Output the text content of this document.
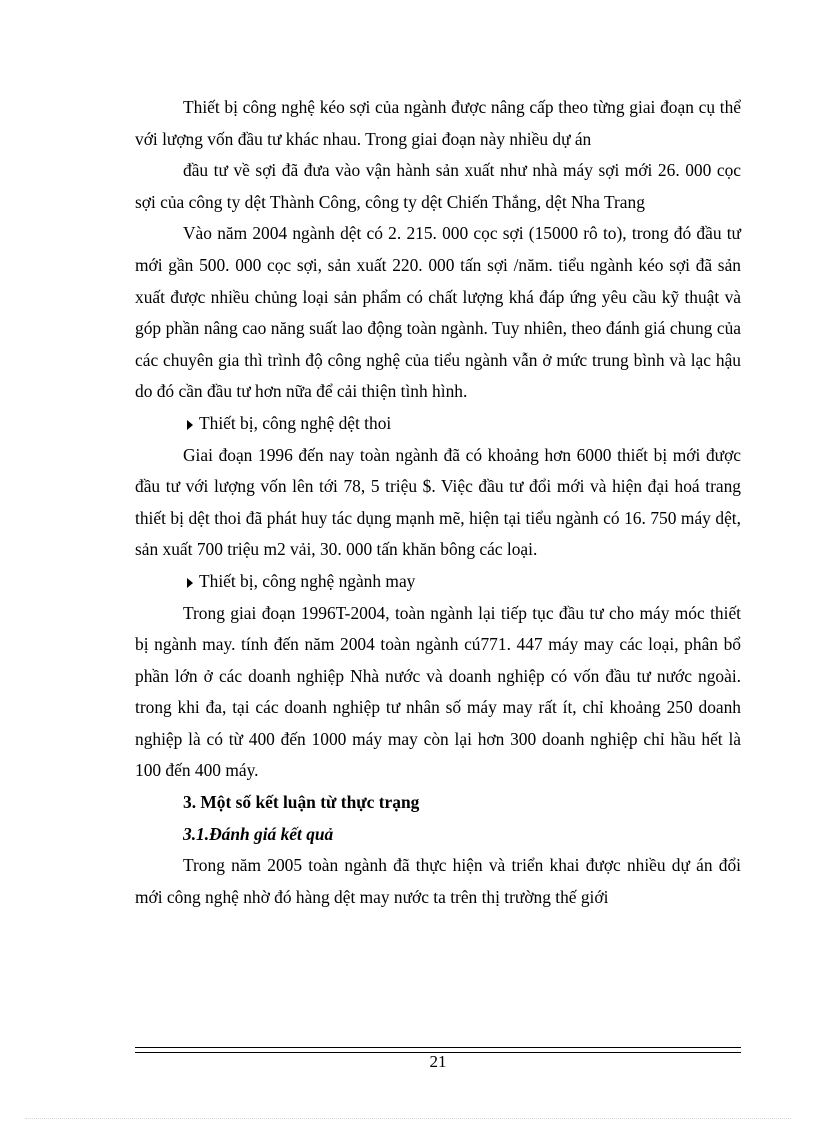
Thiết bị công nghệ kéo sợi của ngành được nâng cấp theo từng giai đoạn cụ thể với lượng vốn đầu tư khác nhau. Trong giai đoạn này nhiều dự án

đầu tư về sợi đã đưa vào vận hành sản xuất như nhà máy sợi mới 26. 000 cọc sợi của công ty dệt Thành Công, công ty dệt Chiến Thắng, dệt Nha Trang

Vào năm 2004 ngành dệt có 2. 215. 000 cọc sợi (15000 rô to), trong đó đầu tư mới gần 500. 000 cọc sợi, sản xuất 220. 000 tấn sợi /năm. tiểu ngành kéo sợi đã sản xuất được nhiều chủng loại sản phẩm có chất lượng khá đáp ứng yêu cầu kỹ thuật và góp phần nâng cao năng suất lao động toàn ngành. Tuy nhiên, theo đánh giá chung của các chuyên gia thì trình độ công nghệ của tiểu ngành vẫn ở mức trung bình và lạc hậu do đó cần đầu tư hơn nữa để cải thiện tình hình.

Thiết bị, công nghệ dệt thoi

Giai đoạn 1996 đến nay toàn ngành đã có khoảng hơn 6000 thiết bị mới được đầu tư với lượng vốn lên tới 78, 5 triệu $. Việc đầu tư đổi mới và hiện đại hoá trang thiết bị dệt thoi đã phát huy tác dụng mạnh mẽ, hiện tại tiểu ngành có 16. 750 máy dệt, sản xuất 700 triệu m2 vải, 30. 000 tấn khăn bông các loại.

Thiết bị, công nghệ ngành may

Trong giai đoạn 1996T-2004, toàn ngành lại tiếp tục đầu tư cho máy móc thiết bị ngành may. tính đến năm 2004 toàn ngành cú771. 447 máy may các loại, phân bổ phần lớn ở các doanh nghiệp Nhà nước và doanh nghiệp có vốn đầu tư nước ngoài. trong khi đa, tại các doanh nghiệp tư nhân số máy may rất ít, chỉ khoảng 250 doanh nghiệp là có từ 400 đến 1000 máy may còn lại hơn 300 doanh nghiệp chỉ hầu hết là 100 đến 400 máy.

3. Một số kết luận từ thực trạng

3.1.Đánh giá kết quả

Trong năm 2005 toàn ngành đã thực hiện và triển khai được nhiều dự án đổi mới công nghệ nhờ đó hàng dệt may nước ta trên thị trường thế giới

21
